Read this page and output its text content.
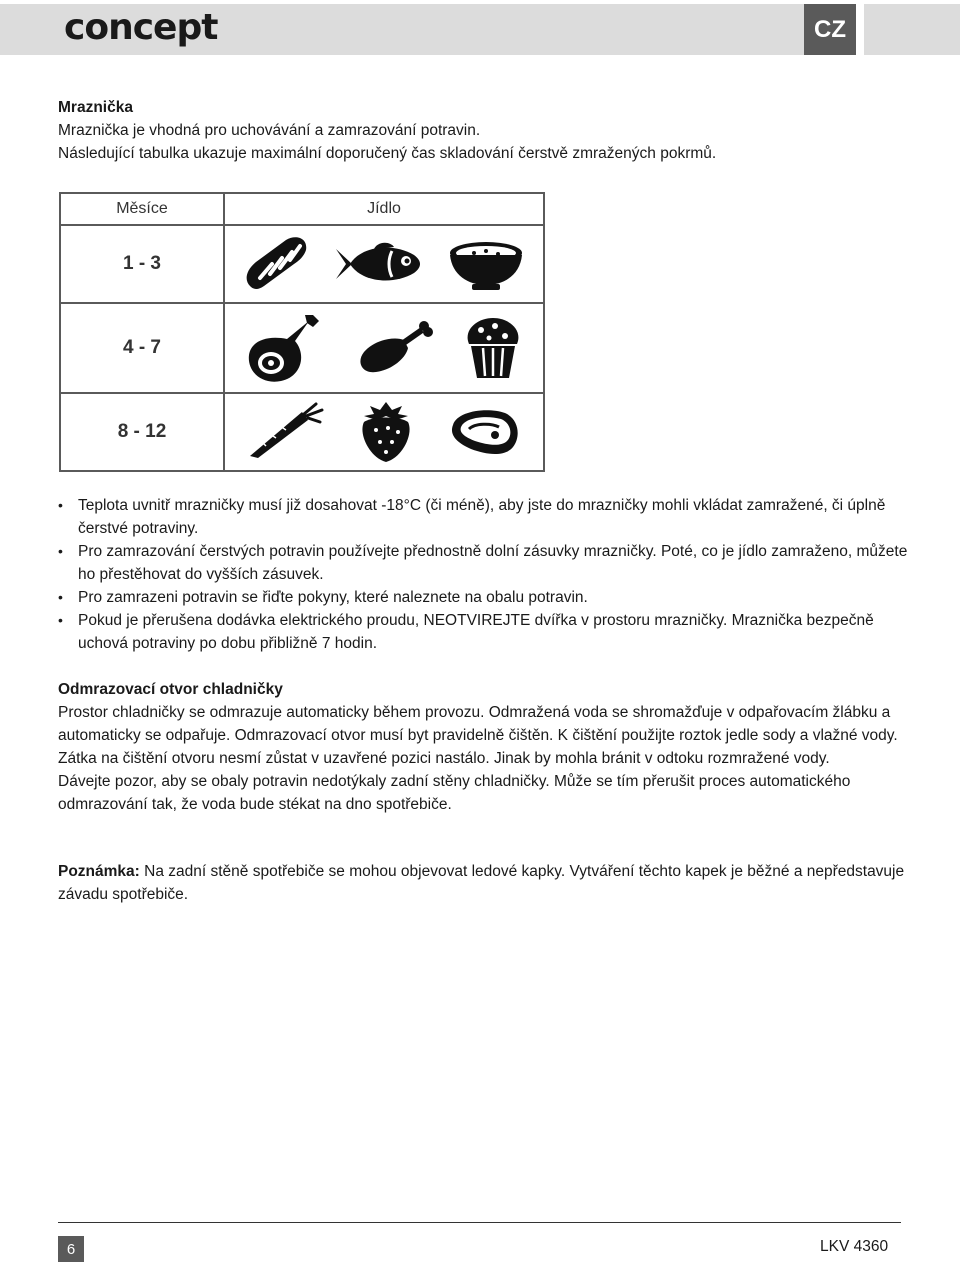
concept	CZ

Mraznička

Mraznička je vhodná pro uchovávání a zamrazování potravin.

Následující tabulka ukazuje maximální doporučený čas skladování čerstvě zmražených pokrmů.

Měsíce	Jídlo
1 - 3	

4 - 7	

8 - 12	
• Teplota uvnitř mrazničky musí již dosahovat -18°C (či méně), aby jste do mrazničky mohli vkládat zamražené, či úplně čerstvé potraviny.
• Pro zamrazování čerstvých potravin používejte přednostně dolní zásuvky mrazničky. Poté, co je jídlo zamraženo, můžete ho přestěhovat do vyšších zásuvek.
• Pro zamrazeni potravin se řiďte pokyny, které naleznete na obalu potravin.
• Pokud je přerušena dodávka elektrického proudu, NEOTVIREJTE dvířka v prostoru mrazničky. Mraznička bezpečně uchová potraviny po dobu přibližně 7 hodin.

Odmrazovací otvor chladničky

Prostor chladničky se odmrazuje automaticky během provozu. Odmražená voda se shromažďuje v odpařovacím žlábku a automaticky se odpařuje. Odmrazovací otvor musí byt pravidelně čištěn. K čištění použijte roztok jedle sody a vlažné vody.

Zátka na čištění otvoru nesmí zůstat v uzavřené pozici nastálo. Jinak by mohla bránit v odtoku rozmražené vody.

Dávejte pozor, aby se obaly potravin nedotýkaly zadní stěny chladničky. Může se tím přerušit proces automatického odmrazování tak, že voda bude stékat na dno spotřebiče.

Poznámka: Na zadní stěně spotřebiče se mohou objevovat ledové kapky. Vytváření těchto kapek je běžné a nepředstavuje závadu spotřebiče.

6	LKV 4360
